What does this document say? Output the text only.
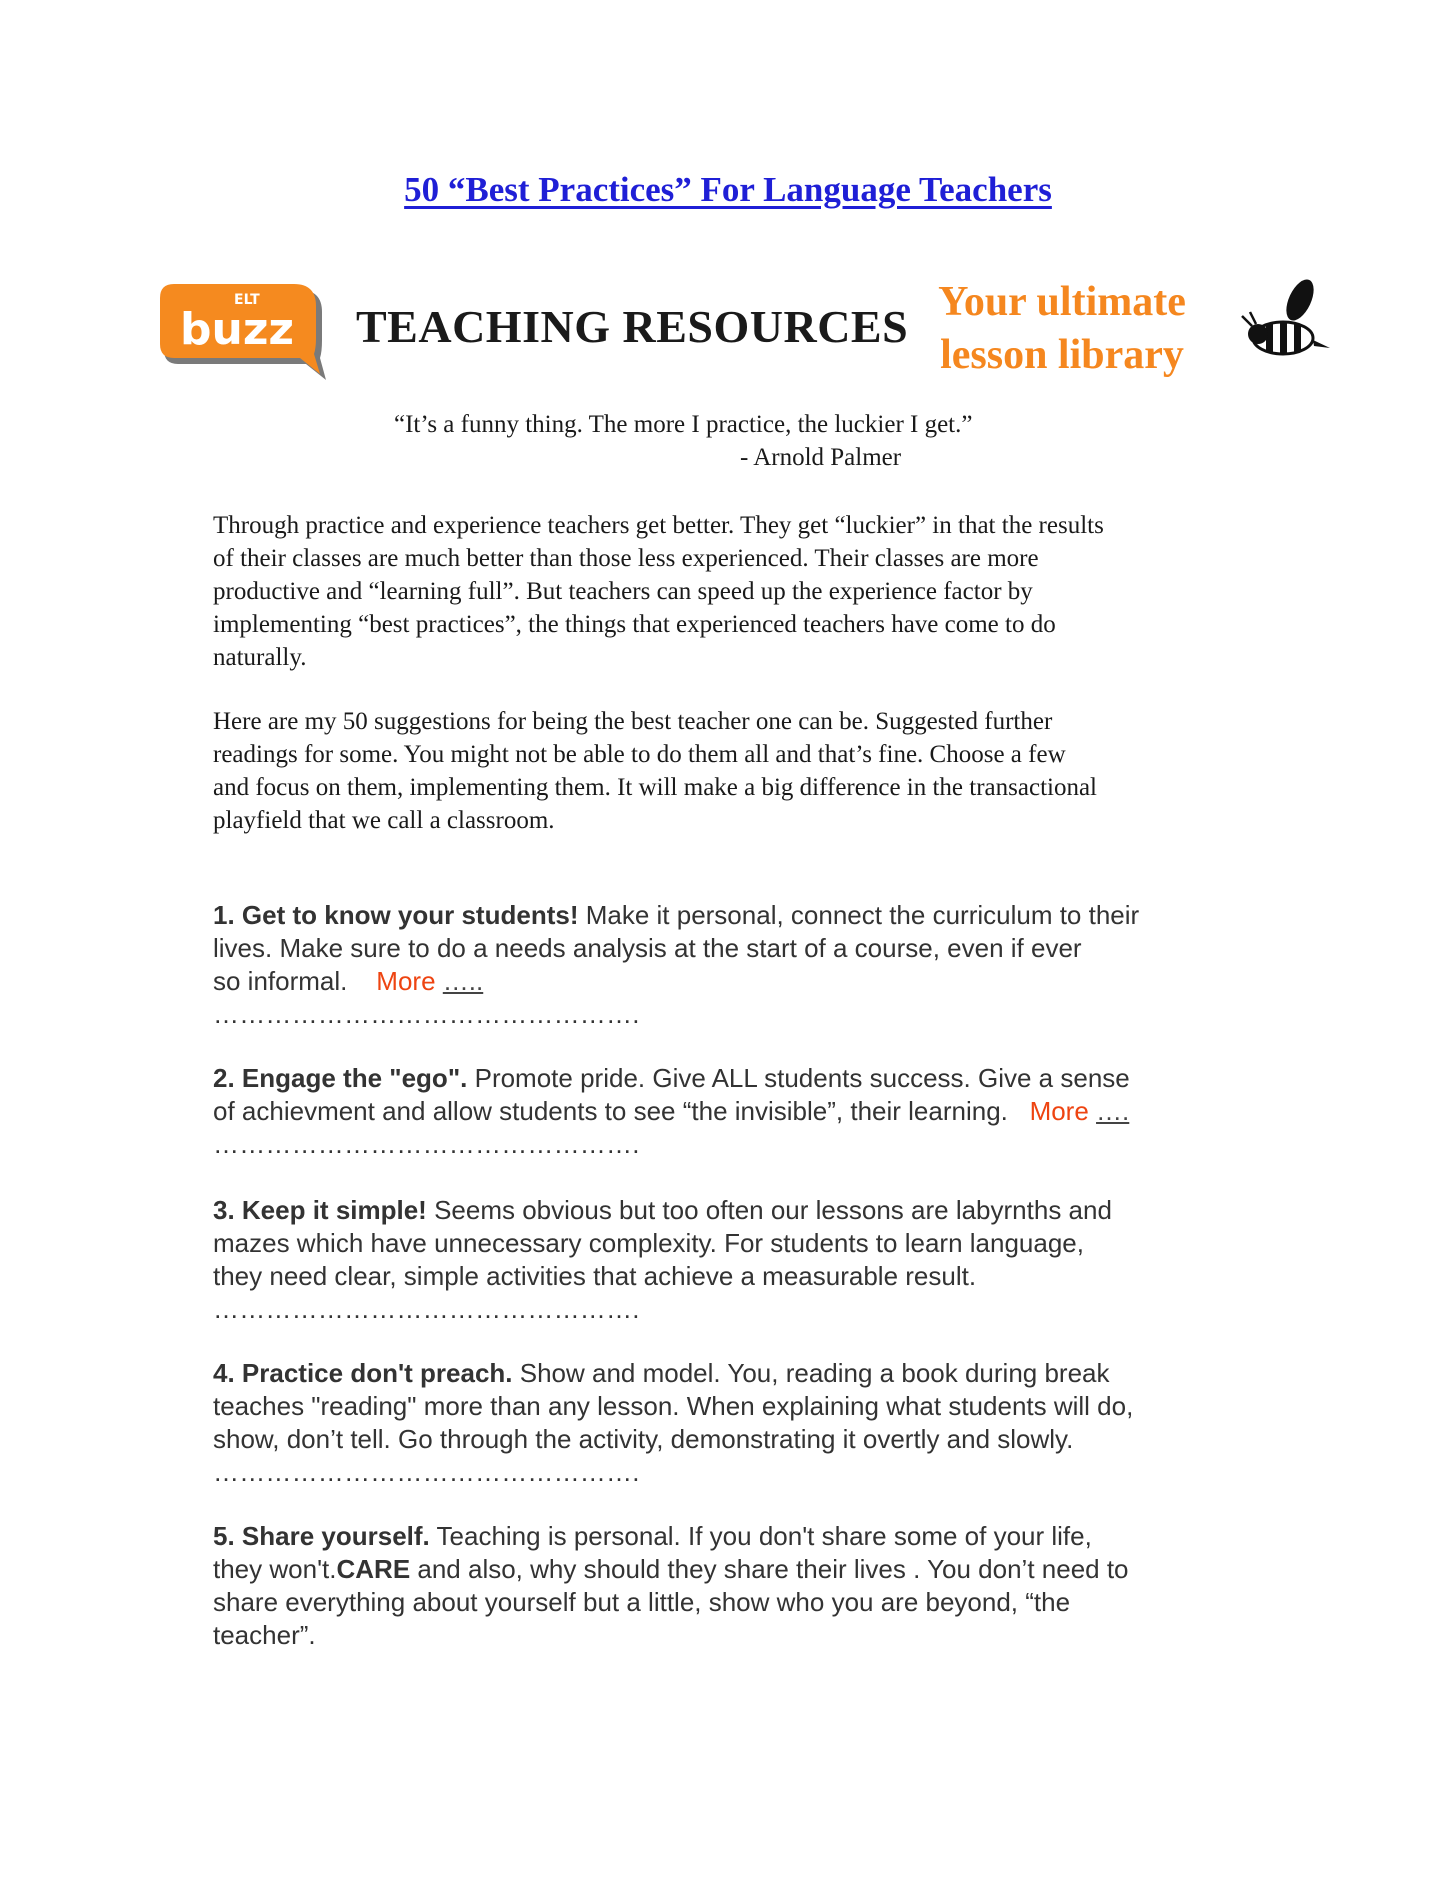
50 “Best Practices” For Language Teachers
ELT
buzz TEACHING RESOURCES Your ultimate
lesson library
“It’s a funny thing. The more I practice, the luckier I get.”
- Arnold Palmer
Through practice and experience teachers get better. They get “luckier” in that the results
of their classes are much better than those less experienced. Their classes are more
productive and “learning full”. But teachers can speed up the experience factor by
implementing “best practices”, the things that experienced teachers have come to do
naturally.
Here are my 50 suggestions for being the best teacher one can be. Suggested further
readings for some. You might not be able to do them all and that’s fine. Choose a few
and focus on them, implementing them. It will make a big difference in the transactional
playfield that we call a classroom.
1. Get to know your students! Make it personal, connect the curriculum to their
lives. Make sure to do a needs analysis at the start of a course, even if ever
so informal. More …..
………………………………………….
2. Engage the "ego". Promote pride. Give ALL students success. Give a sense
of achievment and allow students to see “the invisible”, their learning. More ….
………………………………………….
3. Keep it simple! Seems obvious but too often our lessons are labyrnths and
mazes which have unnecessary complexity. For students to learn language,
they need clear, simple activities that achieve a measurable result.
………………………………………….
4. Practice don't preach. Show and model. You, reading a book during break
teaches "reading" more than any lesson. When explaining what students will do,
show, don’t tell. Go through the activity, demonstrating it overtly and slowly.
………………………………………….
5. Share yourself. Teaching is personal. If you don't share some of your life,
they won't.CARE and also, why should they share their lives . You don’t need to
share everything about yourself but a little, show who you are beyond, “the
teacher”.
